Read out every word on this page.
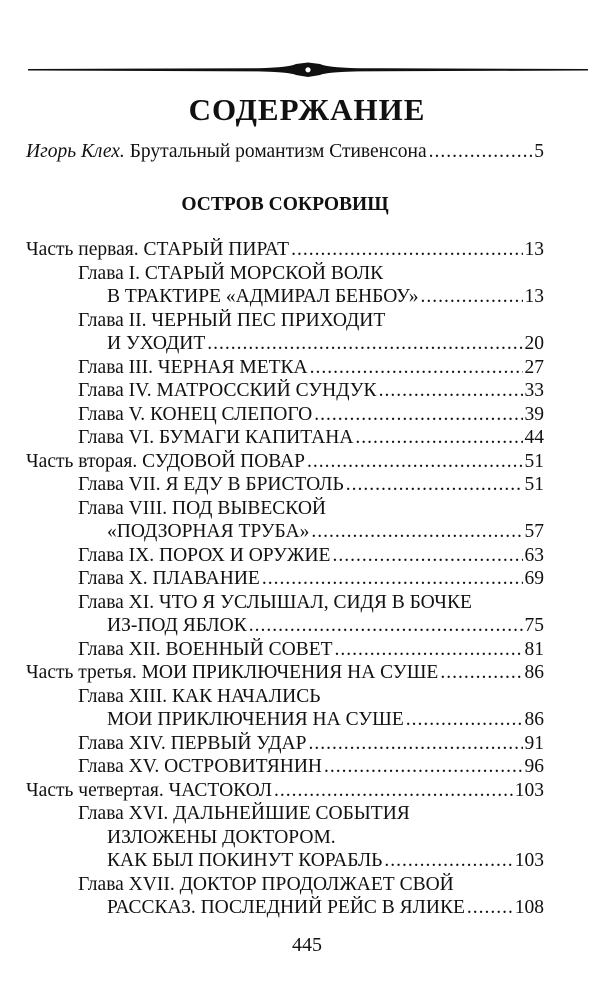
СОДЕРЖАНИЕ
Игорь Клех. Брутальный романтизм Стивенсона .....	5
ОСТРОВ СОКРОВИЩ
Часть первая. СТАРЫЙ ПИРАТ .....	13
Глава I. СТАРЫЙ МОРСКОЙ ВОЛК
В ТРАКТИРЕ «АДМИРАЛ БЕНБОУ» .....	13
Глава II. ЧЕРНЫЙ ПЕС ПРИХОДИТ
И УХОДИТ .....	20
Глава III. ЧЕРНАЯ МЕТКА .....	27
Глава IV. МАТРОССКИЙ СУНДУК .....	33
Глава V. КОНЕЦ СЛЕПОГО .....	39
Глава VI. БУМАГИ КАПИТАНА .....	44
Часть вторая. СУДОВОЙ ПОВАР .....	51
Глава VII. Я ЕДУ В БРИСТОЛЬ .....	51
Глава VIII. ПОД ВЫВЕСКОЙ
«ПОДЗОРНАЯ ТРУБА» .....	57
Глава IX. ПОРОХ И ОРУЖИЕ .....	63
Глава X. ПЛАВАНИЕ .....	69
Глава XI. ЧТО Я УСЛЫШАЛ, СИДЯ В БОЧКЕ
ИЗ-ПОД ЯБЛОК .....	75
Глава XII. ВОЕННЫЙ СОВЕТ .....	81
Часть третья. МОИ ПРИКЛЮЧЕНИЯ НА СУШЕ .....	86
Глава XIII. КАК НАЧАЛИСЬ
МОИ ПРИКЛЮЧЕНИЯ НА СУШЕ .....	86
Глава XIV. ПЕРВЫЙ УДАР .....	91
Глава XV. ОСТРОВИТЯНИН .....	96
Часть четвертая. ЧАСТОКОЛ .....	103
Глава XVI. ДАЛЬНЕЙШИЕ СОБЫТИЯ
ИЗЛОЖЕНЫ ДОКТОРОМ.
КАК БЫЛ ПОКИНУТ КОРАБЛЬ .....	103
Глава XVII. ДОКТОР ПРОДОЛЖАЕТ СВОЙ
РАССКАЗ. ПОСЛЕДНИЙ РЕЙС В ЯЛИКЕ .....	108
445
